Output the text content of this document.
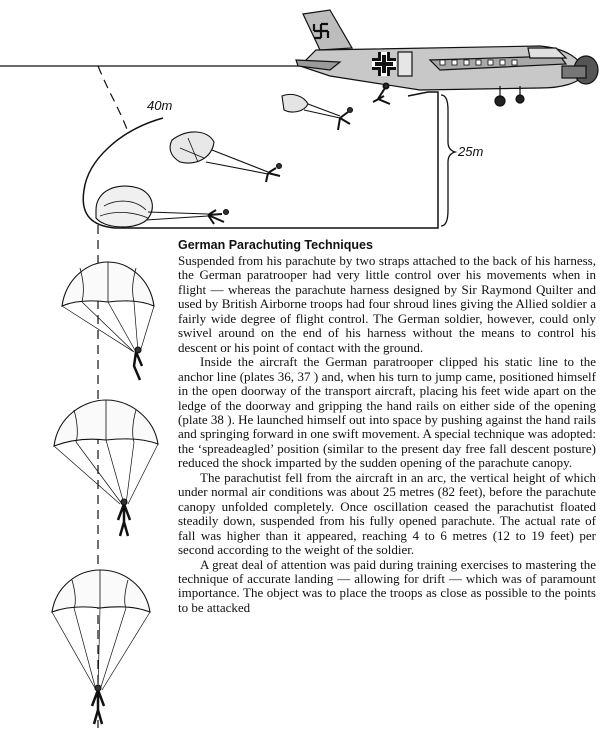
40m
25m
German Parachuting Techniques

Suspended from his parachute by two straps attached to the back of his harness, the German paratrooper had very little control over his movements when in flight — whereas the parachute harness designed by Sir Raymond Quilter and used by British Airborne troops had four shroud lines giving the Allied soldier a fairly wide degree of flight control. The German soldier, however, could only swivel around on the end of his harness without the means to control his descent or his point of contact with the ground.

Inside the aircraft the German paratrooper clipped his static line to the anchor line (plates 36, 37 ) and, when his turn to jump came, positioned himself in the open doorway of the transport aircraft, placing his feet wide apart on the ledge of the doorway and gripping the hand rails on either side of the opening (plate 38 ). He launched himself out into space by pushing against the hand rails and springing forward in one swift movement. A special technique was adopted: the ‘spreadeagled’ position (similar to the present day free fall descent posture) reduced the shock imparted by the sudden opening of the parachute canopy.

The parachutist fell from the aircraft in an arc, the vertical height of which under normal air conditions was about 25 metres (82 feet), before the parachute canopy unfolded completely. Once oscillation ceased the parachutist floated steadily down, suspended from his fully opened parachute. The actual rate of fall was higher than it appeared, reaching 4 to 6 metres (12 to 19 feet) per second according to the weight of the soldier.

A great deal of attention was paid during training exercises to mastering the technique of accurate landing — allowing for drift — which was of paramount importance. The object was to place the troops as close as possible to the points to be attacked
